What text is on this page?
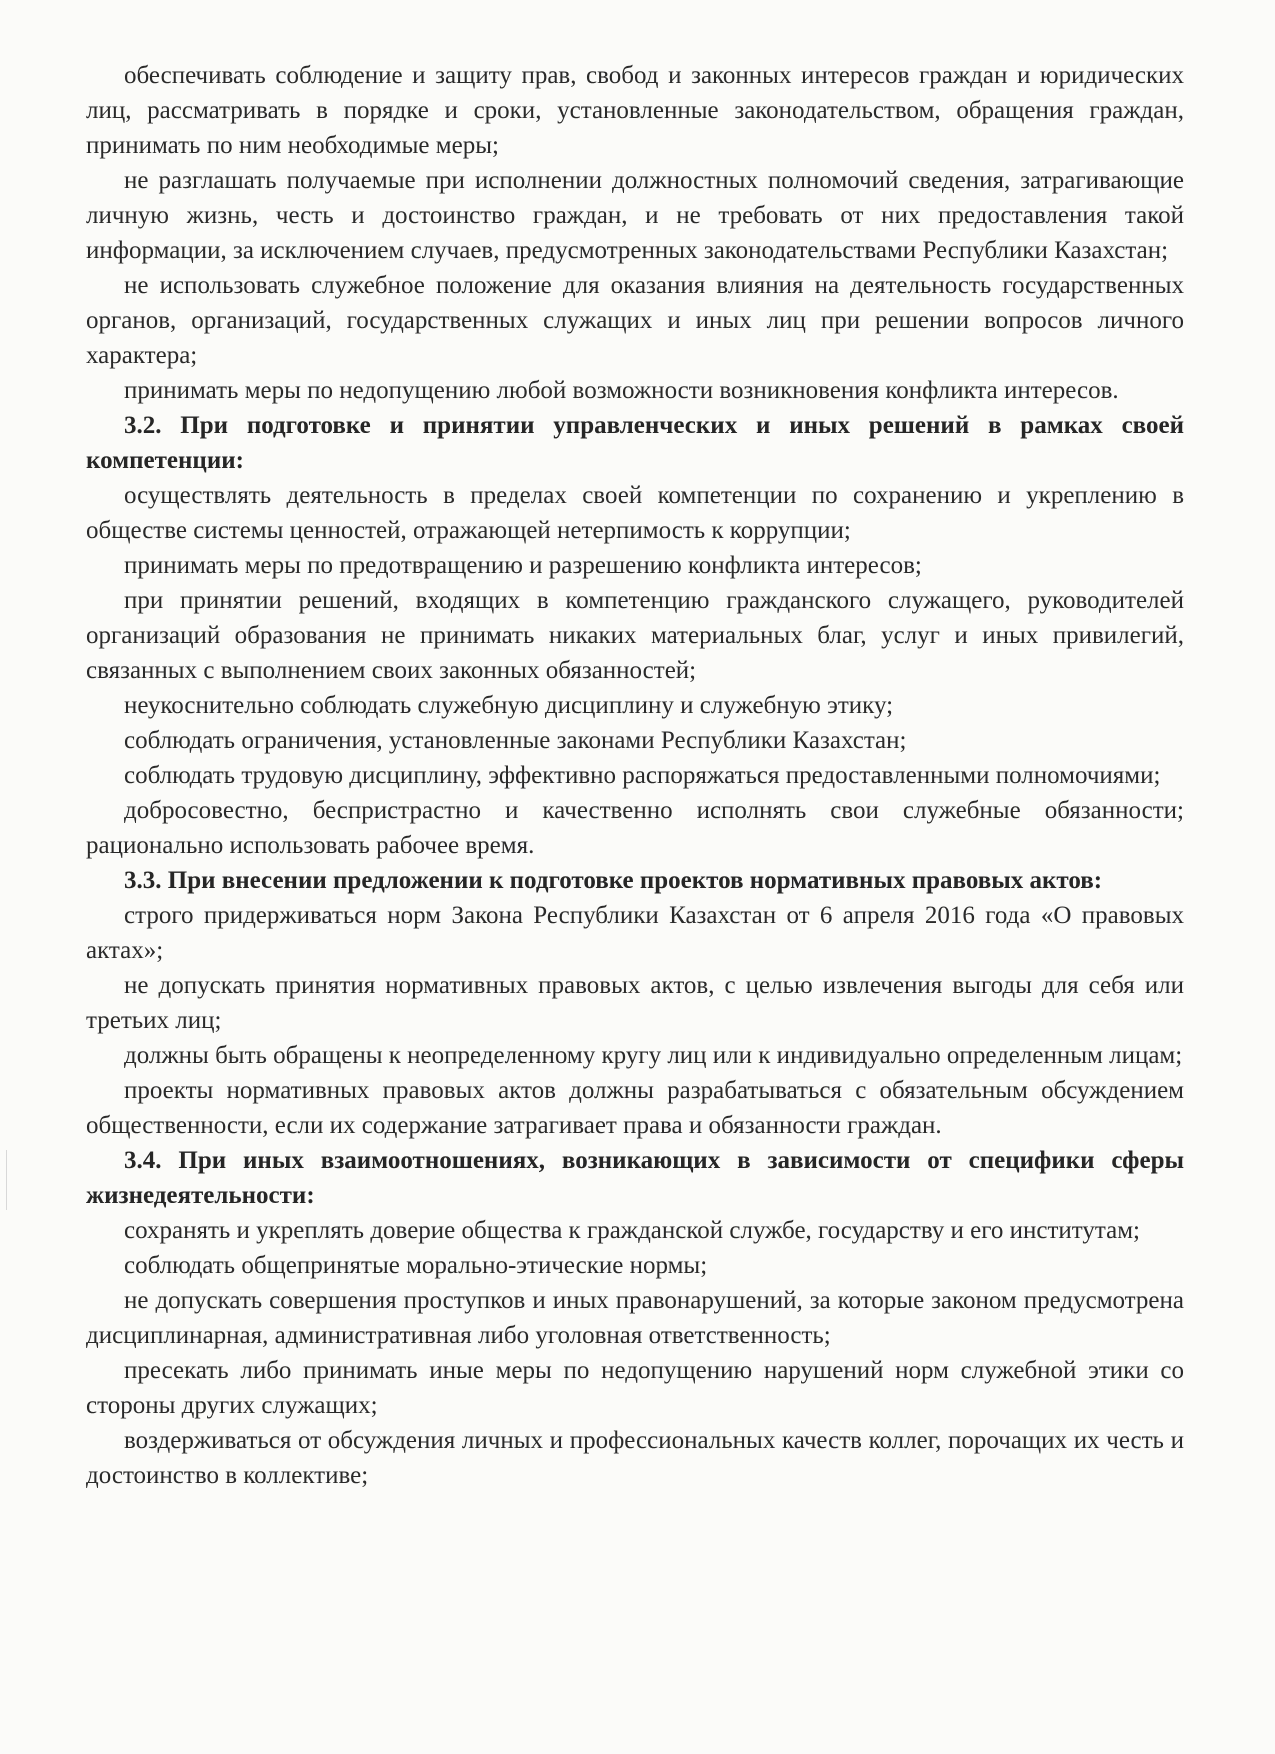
обеспечивать соблюдение и защиту прав, свобод и законных интересов граждан и юридических лиц, рассматривать в порядке и сроки, установленные законодательством, обращения граждан, принимать по ним необходимые меры;

не разглашать получаемые при исполнении должностных полномочий сведения, затрагивающие личную жизнь, честь и достоинство граждан, и не требовать от них предоставления такой информации, за исключением случаев, предусмотренных законодательствами Республики Казахстан;

не использовать служебное положение для оказания влияния на деятельность государственных органов, организаций, государственных служащих и иных лиц при решении вопросов личного характера;

принимать меры по недопущению любой возможности возникновения конфликта интересов.

3.2. При подготовке и принятии управленческих и иных решений в рамках своей компетенции:

осуществлять деятельность в пределах своей компетенции по сохранению и укреплению в обществе системы ценностей, отражающей нетерпимость к коррупции;

принимать меры по предотвращению и разрешению конфликта интересов;

при принятии решений, входящих в компетенцию гражданского служащего, руководителей организаций образования не принимать никаких материальных благ, услуг и иных привилегий, связанных с выполнением своих законных обязанностей;

неукоснительно соблюдать служебную дисциплину и служебную этику;

соблюдать ограничения, установленные законами Республики Казахстан;

соблюдать трудовую дисциплину, эффективно распоряжаться предоставленными полномочиями;

добросовестно, беспристрастно и качественно исполнять свои служебные обязанности; рационально использовать рабочее время.

3.3. При внесении предложении к подготовке проектов нормативных правовых актов:

строго придерживаться норм Закона Республики Казахстан от 6 апреля 2016 года «О правовых актах»;

не допускать принятия нормативных правовых актов, с целью извлечения выгоды для себя или третьих лиц;

должны быть обращены к неопределенному кругу лиц или к индивидуально определенным лицам;

проекты нормативных правовых актов должны разрабатываться с обязательным обсуждением общественности, если их содержание затрагивает права и обязанности граждан.

3.4. При иных взаимоотношениях, возникающих в зависимости от специфики сферы жизнедеятельности:

сохранять и укреплять доверие общества к гражданской службе, государству и его институтам;

соблюдать общепринятые морально-этические нормы;

не допускать совершения проступков и иных правонарушений, за которые законом предусмотрена дисциплинарная, административная либо уголовная ответственность;

пресекать либо принимать иные меры по недопущению нарушений норм служебной этики со стороны других служащих;

воздерживаться от обсуждения личных и профессиональных качеств коллег, порочащих их честь и достоинство в коллективе;
